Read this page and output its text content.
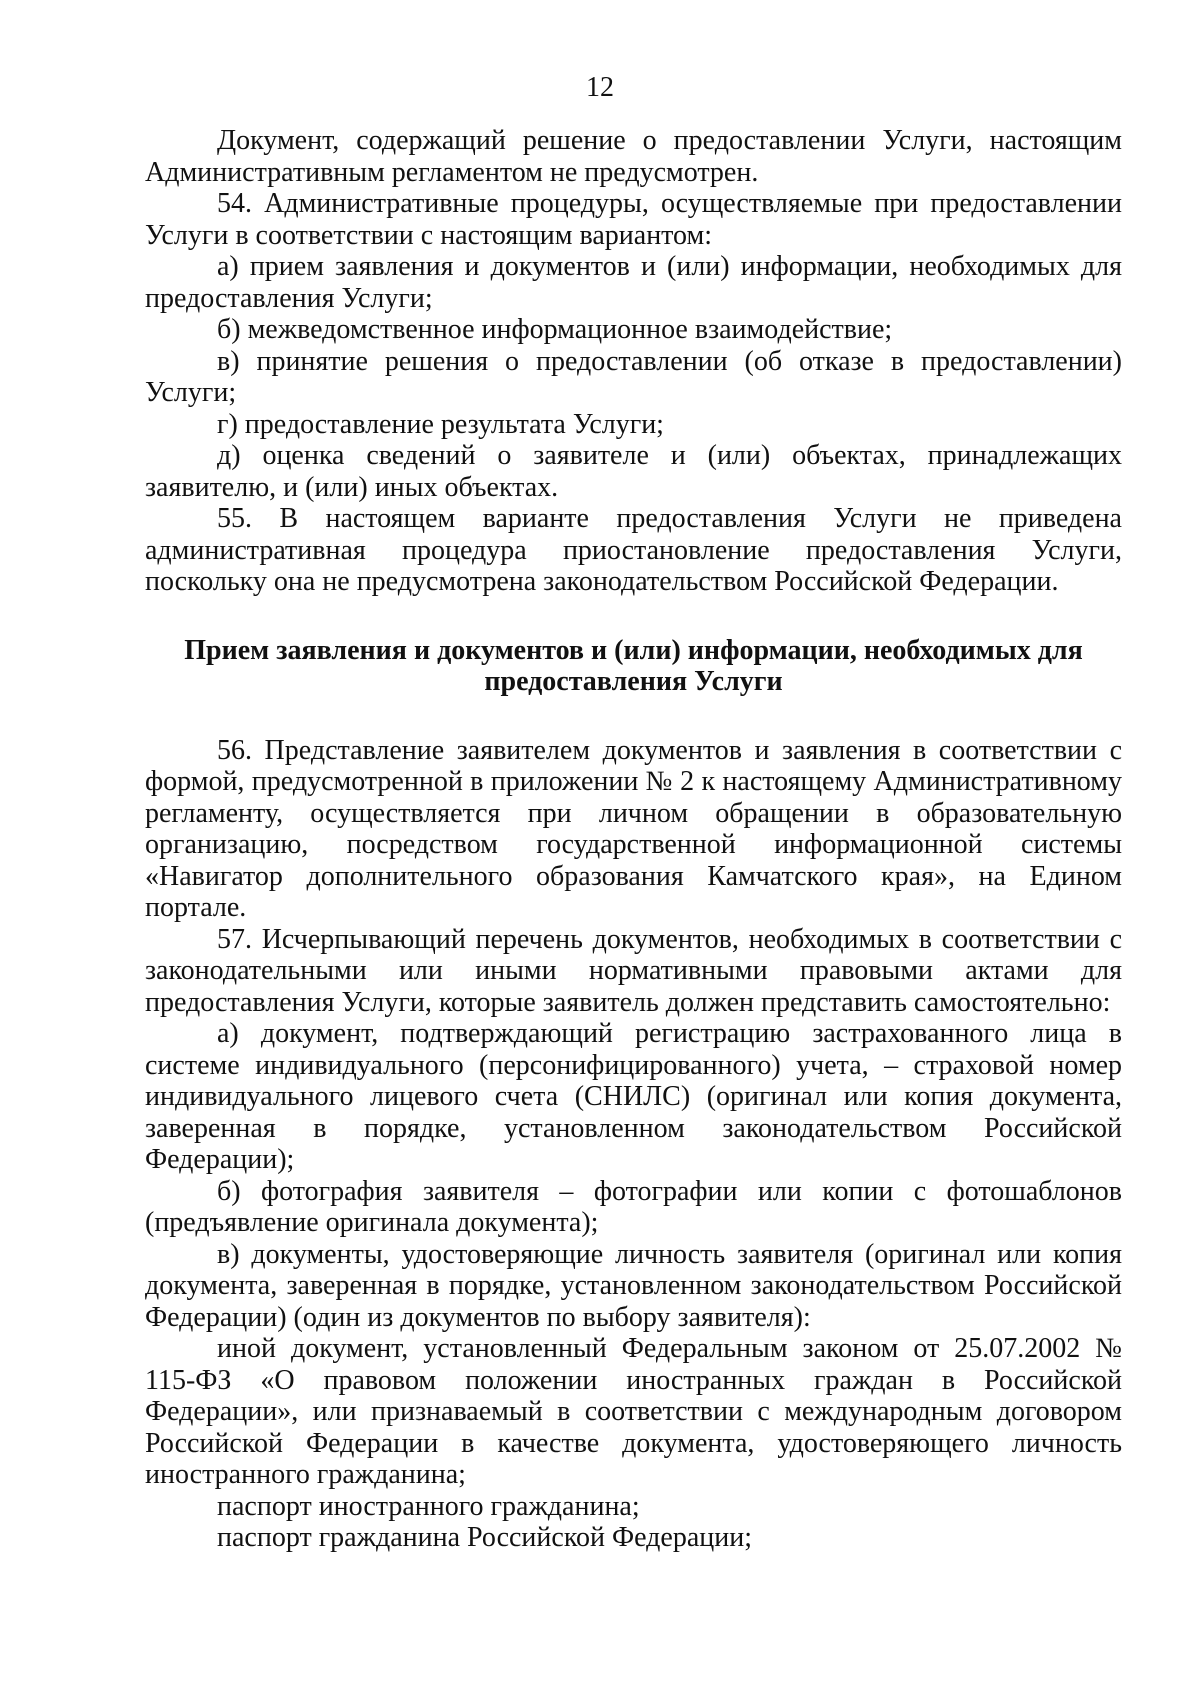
12

Документ, содержащий решение о предоставлении Услуги, настоящим Административным регламентом не предусмотрен.

54. Административные процедуры, осуществляемые при предоставлении Услуги в соответствии с настоящим вариантом:

а) прием заявления и документов и (или) информации, необходимых для предоставления Услуги;

б) межведомственное информационное взаимодействие;

в) принятие решения о предоставлении (об отказе в предоставлении) Услуги;

г) предоставление результата Услуги;

д) оценка сведений о заявителе и (или) объектах, принадлежащих заявителю, и (или) иных объектах.

55. В настоящем варианте предоставления Услуги не приведена административная процедура приостановление предоставления Услуги, поскольку она не предусмотрена законодательством Российской Федерации.

Прием заявления и документов и (или) информации, необходимых для предоставления Услуги

56. Представление заявителем документов и заявления в соответствии с формой, предусмотренной в приложении № 2 к настоящему Административному регламенту, осуществляется при личном обращении в образовательную организацию, посредством государственной информационной системы «Навигатор дополнительного образования Камчатского края», на Едином портале.

57. Исчерпывающий перечень документов, необходимых в соответствии с законодательными или иными нормативными правовыми актами для предоставления Услуги, которые заявитель должен представить самостоятельно:

а) документ, подтверждающий регистрацию застрахованного лица в системе индивидуального (персонифицированного) учета, – страховой номер индивидуального лицевого счета (СНИЛС) (оригинал или копия документа, заверенная в порядке, установленном законодательством Российской Федерации);

б) фотография заявителя – фотографии или копии с фотошаблонов (предъявление оригинала документа);

в) документы, удостоверяющие личность заявителя (оригинал или копия документа, заверенная в порядке, установленном законодательством Российской Федерации) (один из документов по выбору заявителя):

иной документ, установленный Федеральным законом от 25.07.2002 № 115-ФЗ «О правовом положении иностранных граждан в Российской Федерации», или признаваемый в соответствии с международным договором Российской Федерации в качестве документа, удостоверяющего личность иностранного гражданина;

паспорт иностранного гражданина;

паспорт гражданина Российской Федерации;
